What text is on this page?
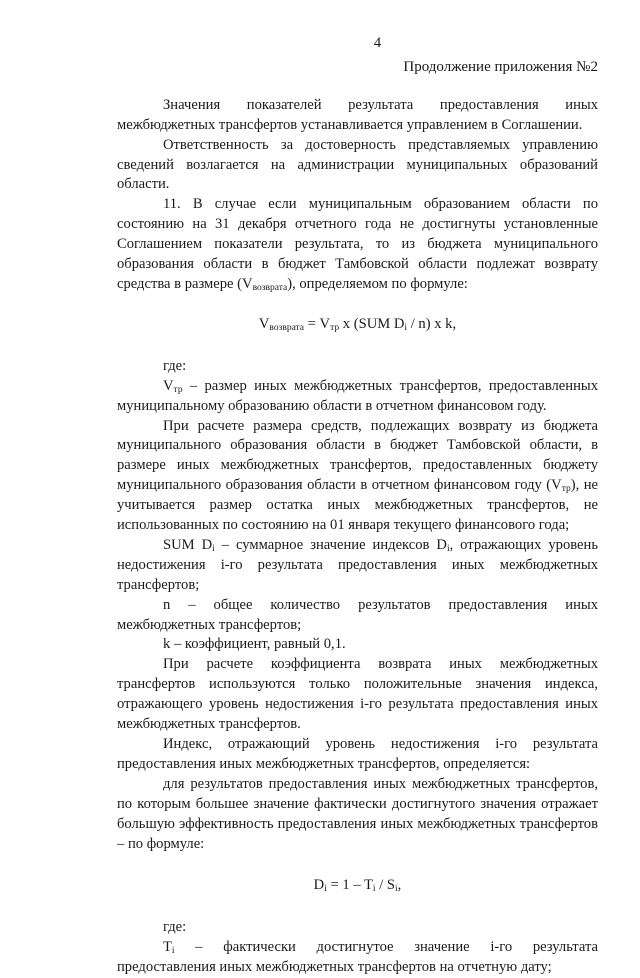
4
Продолжение приложения №2

Значения показателей результата предоставления иных межбюджетных трансфертов устанавливается управлением в Соглашении.

Ответственность за достоверность представляемых управлению сведений возлагается на администрации муниципальных образований области.

11. В случае если муниципальным образованием области по состоянию на 31 декабря отчетного года не достигнуты установленные Соглашением показатели результата, то из бюджета муниципального образования области в бюджет Тамбовской области подлежат возврату средства в размере $(V_{возврата})$, определяемом по формуле:

$V_{возврата} = V_{тр}$ x (SUM $D_i / n$) x k,

где:

$V_{тр}$ – размер иных межбюджетных трансфертов, предоставленных муниципальному образованию области в отчетном финансовом году.

При расчете размера средств, подлежащих возврату из бюджета муниципального образования области в бюджет Тамбовской области, в размере иных межбюджетных трансфертов, предоставленных бюджету муниципального образования области в отчетном финансовом году $(V_{тр})$, не учитывается размер остатка иных межбюджетных трансфертов, не использованных по состоянию на 01 января текущего финансового года;

SUM $D_i$ – суммарное значение индексов $D_i$, отражающих уровень недостижения i-го результата предоставления иных межбюджетных трансфертов;

n – общее количество результатов предоставления иных межбюджетных трансфертов;

k – коэффициент, равный 0,1.

При расчете коэффициента возврата иных межбюджетных трансфертов используются только положительные значения индекса, отражающего уровень недостижения i-го результата предоставления иных межбюджетных трансфертов.

Индекс, отражающий уровень недостижения i-го результата предоставления иных межбюджетных трансфертов, определяется:

для результатов предоставления иных межбюджетных трансфертов, по которым большее значение фактически достигнутого значения отражает большую эффективность предоставления иных межбюджетных трансфертов – по формуле:

$D_i = 1 - T_i / S_i$,

где:

$T_i$ – фактически достигнутое значение i-го результата предоставления иных межбюджетных трансфертов на отчетную дату;
